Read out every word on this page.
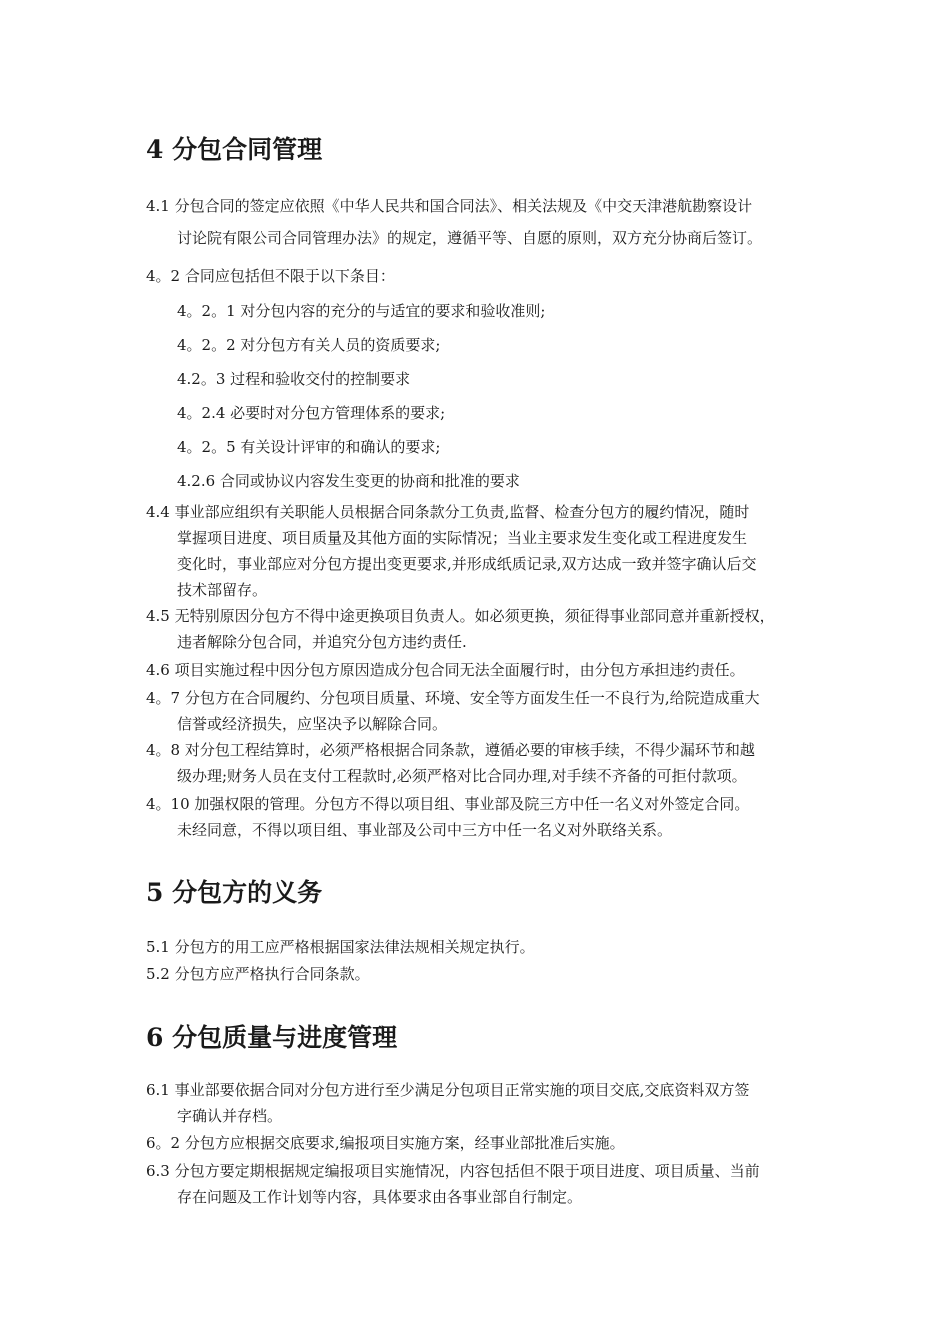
4 分包合同管理

4.1 分包合同的签定应依照《中华人民共和国合同法》、相关法规及《中交天津港航勘察设计
讨论院有限公司合同管理办法》的规定，遵循平等、自愿的原则，双方充分协商后签订。

4。2 合同应包括但不限于以下条目：

4。2。1 对分包内容的充分的与适宜的要求和验收准则;

4。2。2 对分包方有关人员的资质要求;

4.2。3 过程和验收交付的控制要求

4。2.4 必要时对分包方管理体系的要求;

4。2。5 有关设计评审的和确认的要求;

4.2.6 合同或协议内容发生变更的协商和批准的要求

4.4 事业部应组织有关职能人员根据合同条款分工负责,监督、检查分包方的履约情况，随时
掌握项目进度、项目质量及其他方面的实际情况；当业主要求发生变化或工程进度发生
变化时，事业部应对分包方提出变更要求,并形成纸质记录,双方达成一致并签字确认后交
技术部留存。

4.5 无特别原因分包方不得中途更换项目负责人。如必须更换，须征得事业部同意并重新授权，
违者解除分包合同，并追究分包方违约责任.

4.6 项目实施过程中因分包方原因造成分包合同无法全面履行时，由分包方承担违约责任。

4。7 分包方在合同履约、分包项目质量、环境、安全等方面发生任一不良行为,给院造成重大
信誉或经济损失，应坚决予以解除合同。

4。8 对分包工程结算时，必须严格根据合同条款，遵循必要的审核手续，不得少漏环节和越
级办理;财务人员在支付工程款时,必须严格对比合同办理,对手续不齐备的可拒付款项。

4。10 加强权限的管理。分包方不得以项目组、事业部及院三方中任一名义对外签定合同。
未经同意，不得以项目组、事业部及公司中三方中任一名义对外联络关系。

5 分包方的义务

5.1 分包方的用工应严格根据国家法律法规相关规定执行。

5.2 分包方应严格执行合同条款。

6 分包质量与进度管理

6.1 事业部要依据合同对分包方进行至少满足分包项目正常实施的项目交底,交底资料双方签
字确认并存档。

6。2 分包方应根据交底要求,编报项目实施方案，经事业部批准后实施。

6.3 分包方要定期根据规定编报项目实施情况，内容包括但不限于项目进度、项目质量、当前
存在问题及工作计划等内容，具体要求由各事业部自行制定。
